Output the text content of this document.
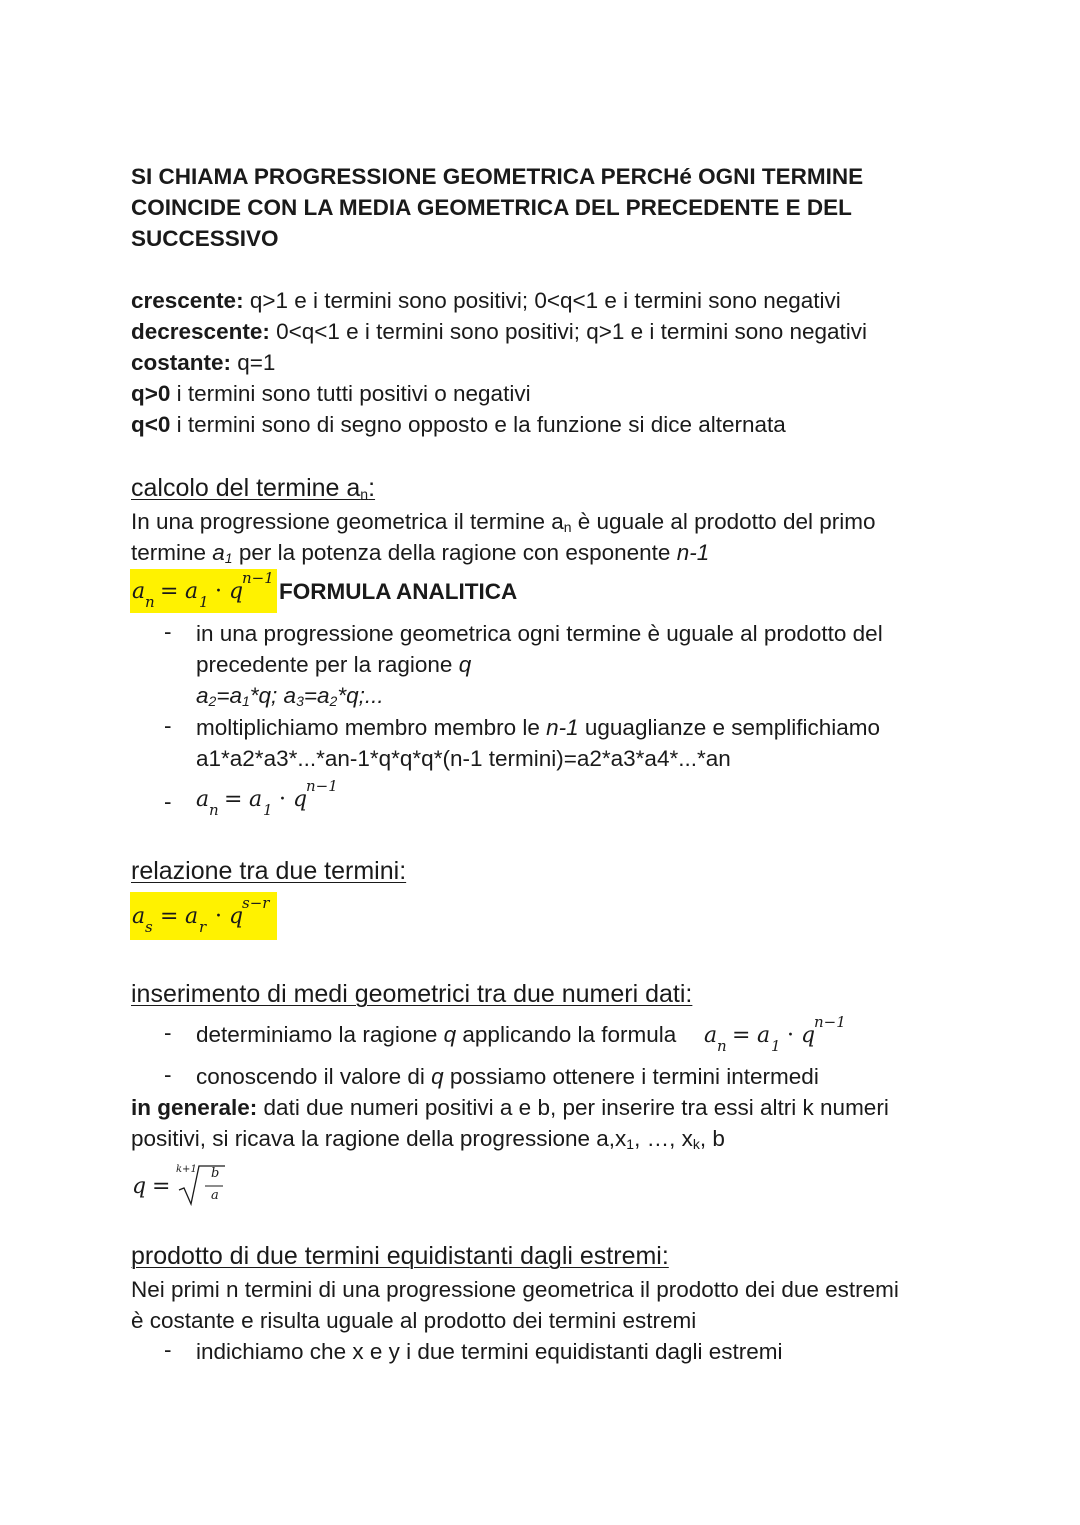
SI CHIAMA PROGRESSIONE GEOMETRICA PERCHé OGNI TERMINE
COINCIDE CON LA MEDIA GEOMETRICA DEL PRECEDENTE E DEL
SUCCESSIVO
crescente: q>1 e i termini sono positivi; 0<q<1 e i termini sono negativi
decrescente: 0<q<1 e i termini sono positivi; q>1 e i termini sono negativi
costante: q=1
q>0 i termini sono tutti positivi o negativi
q<0 i termini sono di segno opposto e la funzione si dice alternata
calcolo del termine an:
In una progressione geometrica il termine an è uguale al prodotto del primo
termine a1 per la potenza della ragione con esponente n-1
a n = a 1 · q
n−1
FORMULA ANALITICA
- in una progressione geometrica ogni termine è uguale al prodotto del
precedente per la ragione q
a2=a1*q; a3=a2*q;...
- moltiplichiamo membro membro le n-1 uguaglianze e semplifichiamo
a1*a2*a3*...*an-1*q*q*q*(n-1 termini)=a2*a3*a4*...*an
- a n = a 1 · q
n−1
relazione tra due termini:
a s = a r · q
s−r
inserimento di medi geometrici tra due numeri dati:
- determiniamo la ragione q applicando la formula a n = a 1 · q
n−1
- conoscendo il valore di q possiamo ottenere i termini intermedi
in generale: dati due numeri positivi a e b, per inserire tra essi altri k numeri
positivi, si ricava la ragione della progressione a,x1, …, xk, b
q =
k+1 b
a
prodotto di due termini equidistanti dagli estremi:
Nei primi n termini di una progressione geometrica il prodotto dei due estremi
è costante e risulta uguale al prodotto dei termini estremi
- indichiamo che x e y i due termini equidistanti dagli estremi
